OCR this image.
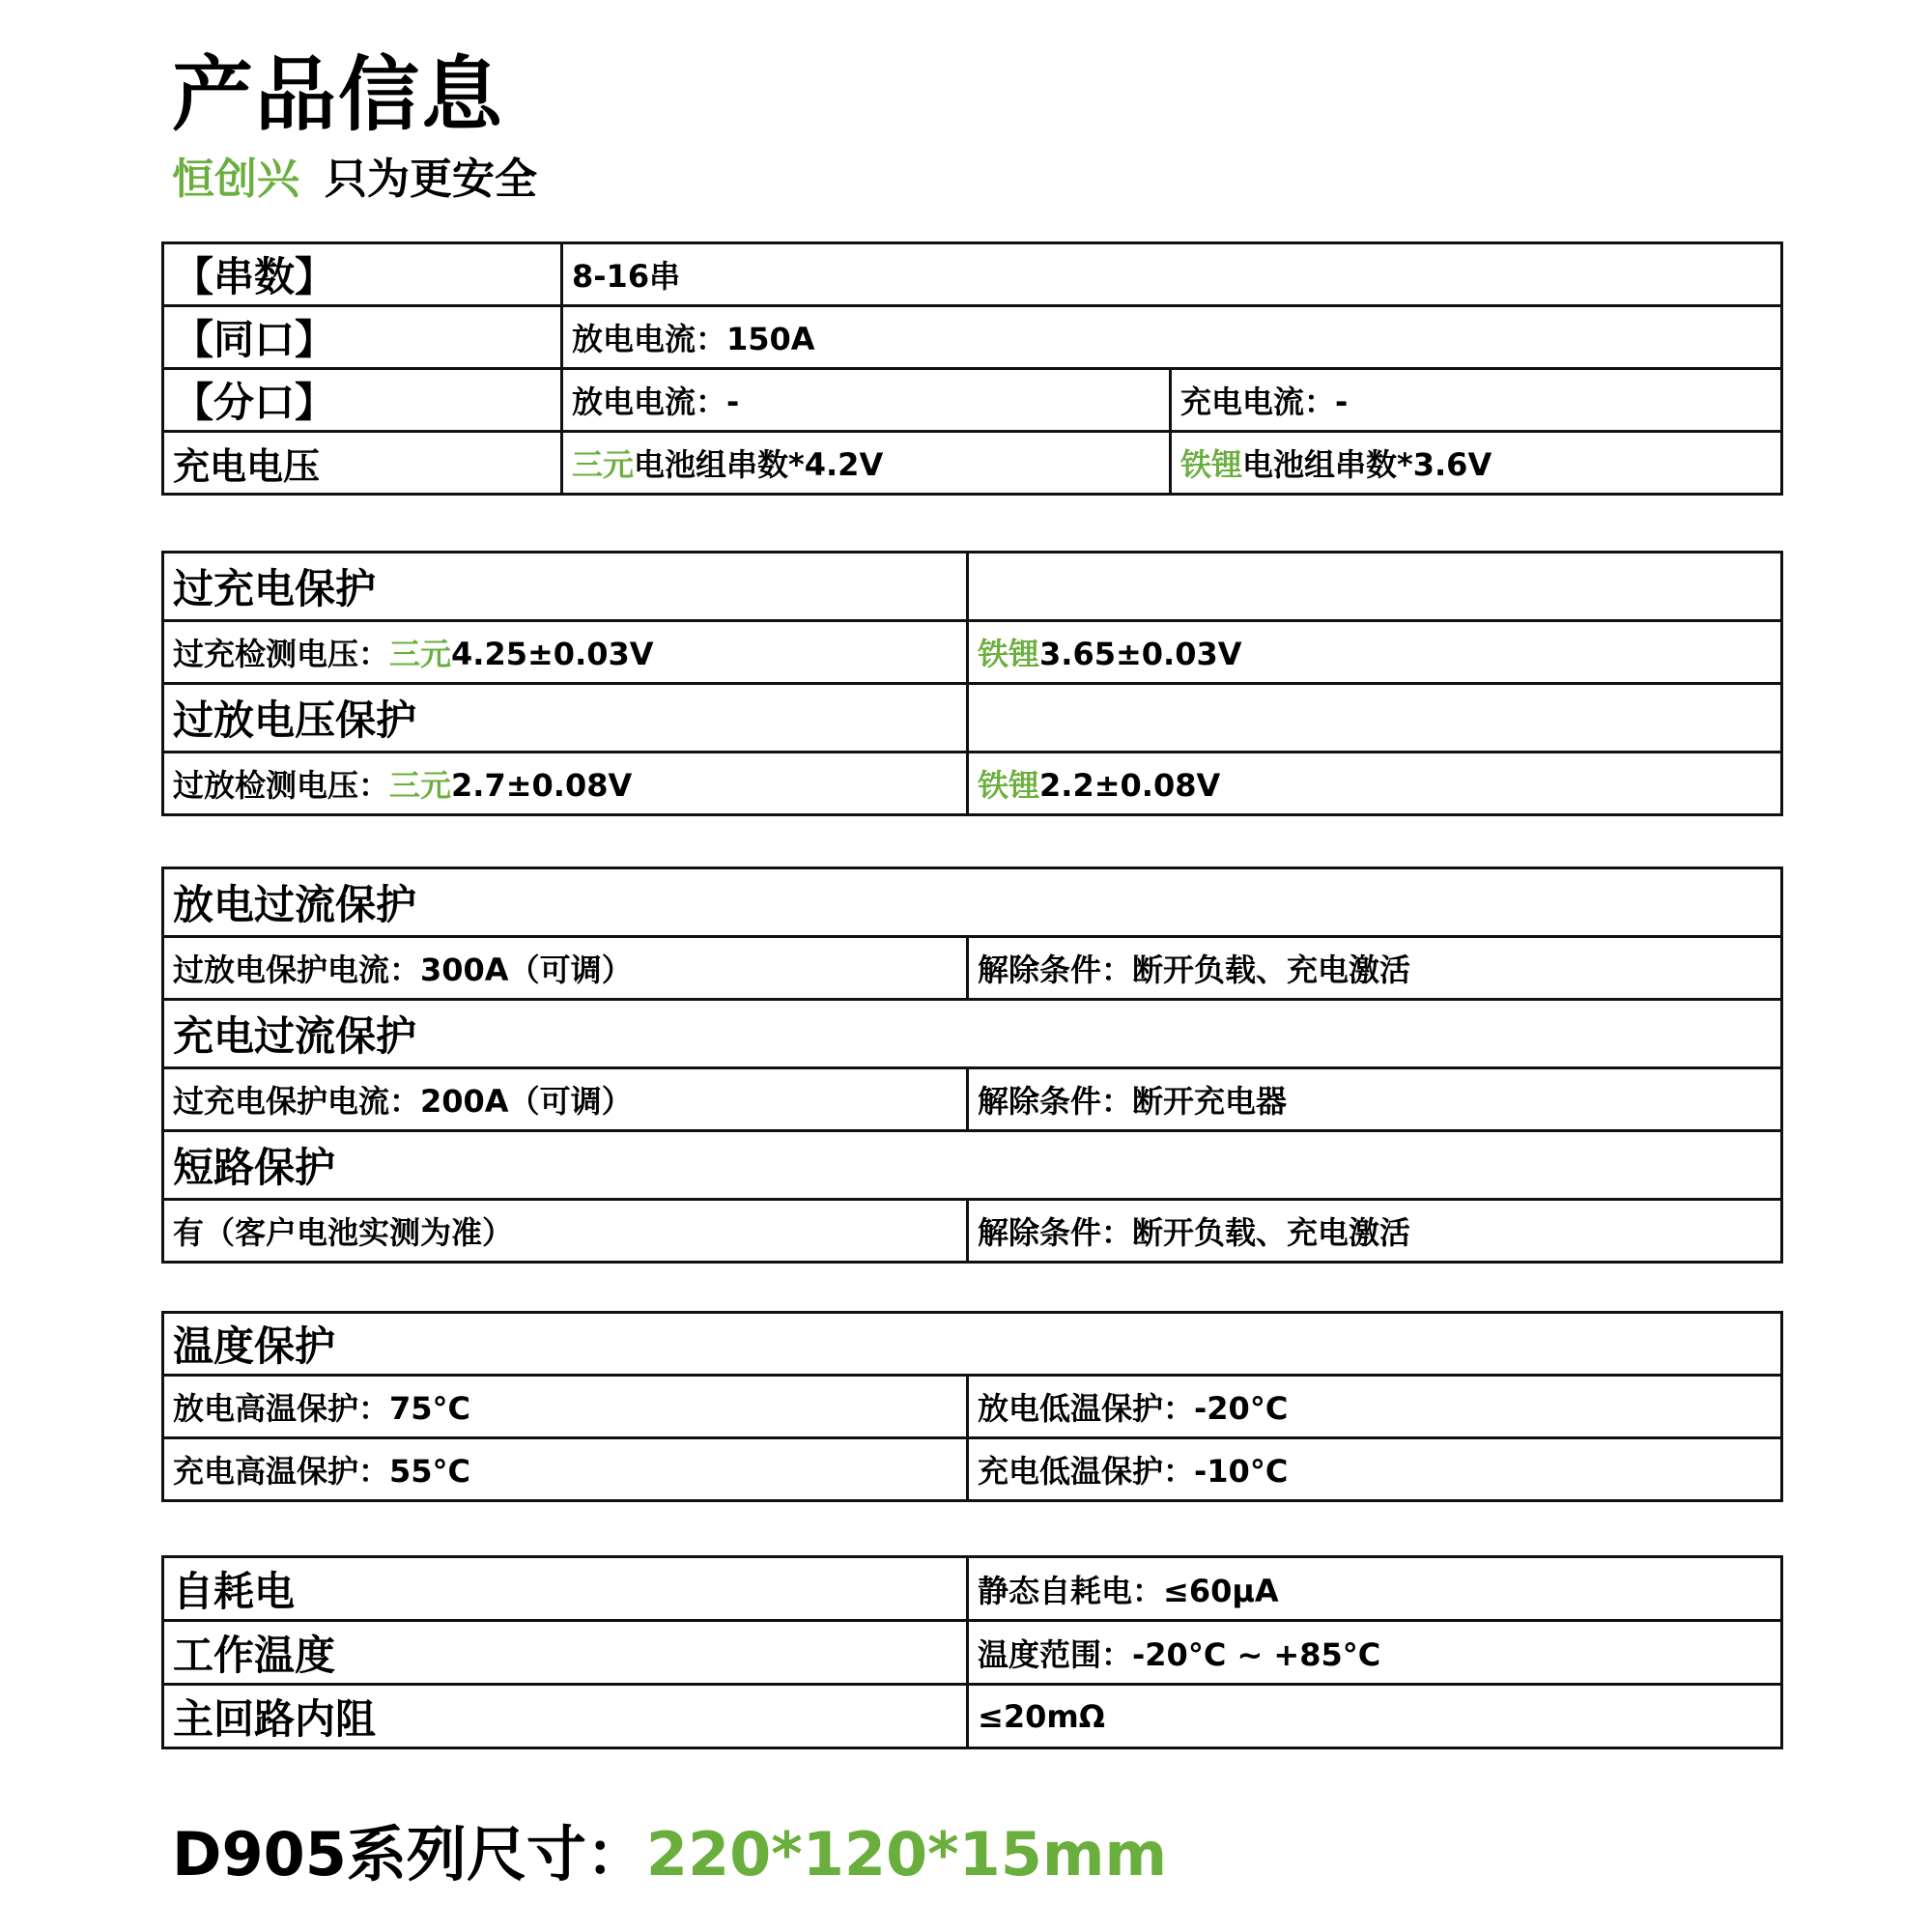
产品信息
恒创兴 只为更安全
【串数】	8-16串	
【同口】	放电电流：150A	
【分口】	放电电流：-	充电电流：-
充电电压	三元电池组串数*4.2V	铁锂电池组串数*3.6V
过充电保护	
过充检测电压：三元4.25±0.03V	铁锂3.65±0.03V
过放电压保护	
过放检测电压：三元2.7±0.08V	铁锂2.2±0.08V
放电过流保护	
过放电保护电流：300A（可调）	解除条件：断开负载、充电激活
充电过流保护	
过充电保护电流：200A（可调）	解除条件：断开充电器
短路保护	
有（客户电池实测为准）	解除条件：断开负载、充电激活
温度保护	
放电高温保护：75°C	放电低温保护：-20°C
充电高温保护：55°C	充电低温保护：-10°C
自耗电	静态自耗电：≤60μA
工作温度	温度范围：-20°C ~ +85°C
主回路内阻	≤20mΩ
D905系列尺寸：220*120*15mm
